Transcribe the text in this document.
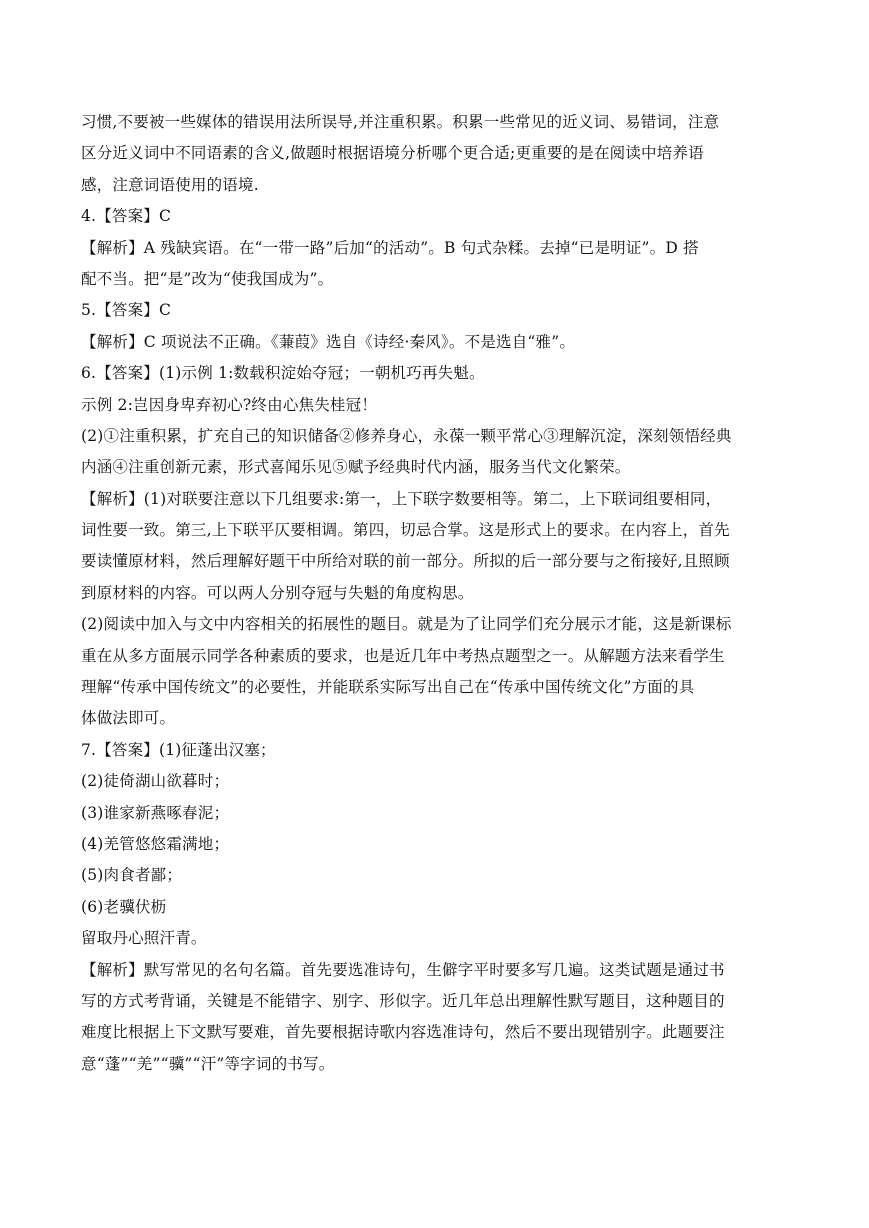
习惯,不要被一些媒体的错误用法所误导,并注重积累。积累一些常见的近义词、易错词，注意
区分近义词中不同语素的含义,做题时根据语境分析哪个更合适;更重要的是在阅读中培养语
感，注意词语使用的语境.
4.【答案】C
【解析】A 残缺宾语。在“一带一路”后加“的活动”。B 句式杂糅。去掉“已是明证”。D 搭
配不当。把“是”改为“使我国成为”。
5.【答案】C
【解析】C 项说法不正确。《蒹葭》选自《诗经·秦风》。不是选自“雅”。
6.【答案】(1)示例 1:数载积淀始夺冠；一朝机巧再失魁。
示例 2:岂因身卑弃初心?终由心焦失桂冠！
(2)①注重积累，扩充自己的知识储备②修养身心，永葆一颗平常心③理解沉淀，深刻领悟经典
内涵④注重创新元素，形式喜闻乐见⑤赋予经典时代内涵，服务当代文化繁荣。
【解析】(1)对联要注意以下几组要求:第一，上下联字数要相等。第二，上下联词组要相同，
词性要一致。第三,上下联平仄要相调。第四，切忌合掌。这是形式上的要求。在内容上，首先
要读懂原材料，然后理解好题干中所给对联的前一部分。所拟的后一部分要与之衔接好,且照顾
到原材料的内容。可以两人分别夺冠与失魁的角度构思。
(2)阅读中加入与文中内容相关的拓展性的题目。就是为了让同学们充分展示才能，这是新课标
重在从多方面展示同学各种素质的要求，也是近几年中考热点题型之一。从解题方法来看学生
理解“传承中国传统文”的必要性，并能联系实际写出自己在“传承中国传统文化”方面的具
体做法即可。
7.【答案】(1)征蓬出汉塞；
(2)徒倚湖山欲暮时；
(3)谁家新燕啄春泥；
(4)羌管悠悠霜满地；
(5)肉食者鄙；
(6)老骥伏枥
留取丹心照汗青。
【解析】默写常见的名句名篇。首先要选准诗句，生僻字平时要多写几遍。这类试题是通过书
写的方式考背诵，关键是不能错字、别字、形似字。近几年总出理解性默写题目，这种题目的
难度比根据上下文默写要难，首先要根据诗歌内容选准诗句，然后不要出现错别字。此题要注
意“蓬”“羌”“骥”“汗”等字词的书写。
